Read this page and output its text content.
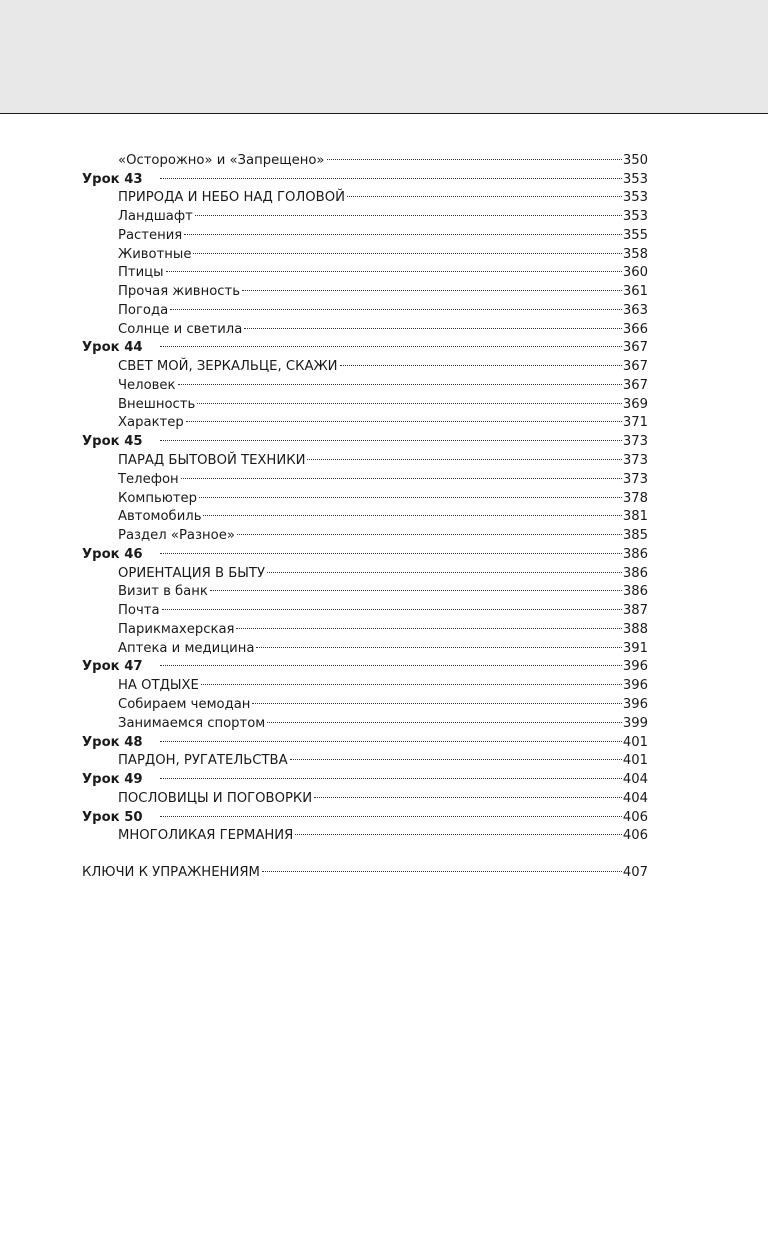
«Осторожно» и «Запрещено»	350
Урок 43	353
ПРИРОДА И НЕБО НАД ГОЛОВОЙ	353
Ландшафт	353
Растения	355
Животные	358
Птицы	360
Прочая живность	361
Погода	363
Солнце и светила	366
Урок 44	367
СВЕТ МОЙ, ЗЕРКАЛЬЦЕ, СКАЖИ	367
Человек	367
Внешность	369
Характер	371
Урок 45	373
ПАРАД БЫТОВОЙ ТЕХНИКИ	373
Телефон	373
Компьютер	378
Автомобиль	381
Раздел «Разное»	385
Урок 46	386
ОРИЕНТАЦИЯ В БЫТУ	386
Визит в банк	386
Почта	387
Парикмахерская	388
Аптека и медицина	391
Урок 47	396
НА ОТДЫХЕ	396
Собираем чемодан	396
Занимаемся спортом	399
Урок 48	401
ПАРДОН, РУГАТЕЛЬСТВА	401
Урок 49	404
ПОСЛОВИЦЫ И ПОГОВОРКИ	404
Урок 50	406
МНОГОЛИКАЯ ГЕРМАНИЯ	406
КЛЮЧИ К УПРАЖНЕНИЯМ	407
